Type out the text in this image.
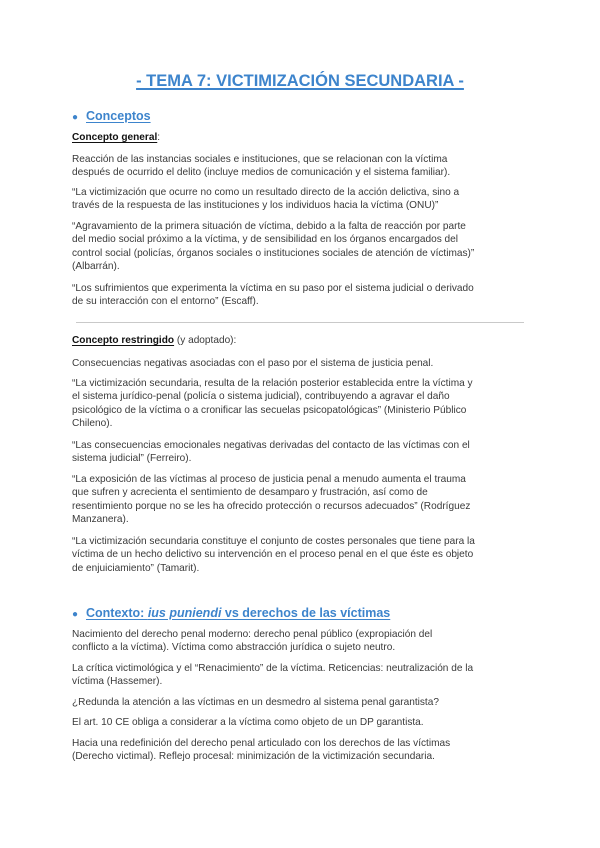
- TEMA 7: VICTIMIZACIÓN SECUNDARIA -
● Conceptos
Concepto general:
Reacción de las instancias sociales e instituciones, que se relacionan con la víctima
después de ocurrido el delito (incluye medios de comunicación y el sistema familiar).
“La victimización que ocurre no como un resultado directo de la acción delictiva, sino a
través de la respuesta de las instituciones y los individuos hacia la víctima (ONU)”
“Agravamiento de la primera situación de víctima, debido a la falta de reacción por parte
del medio social próximo a la víctima, y de sensibilidad en los órganos encargados del
control social (policías, órganos sociales o instituciones sociales de atención de víctimas)”
(Albarrán).
“Los sufrimientos que experimenta la víctima en su paso por el sistema judicial o derivado
de su interacción con el entorno” (Escaff).
Concepto restringido (y adoptado):
Consecuencias negativas asociadas con el paso por el sistema de justicia penal.
“La victimización secundaria, resulta de la relación posterior establecida entre la víctima y
el sistema jurídico-penal (policía o sistema judicial), contribuyendo a agravar el daño
psicológico de la víctima o a cronificar las secuelas psicopatológicas” (Ministerio Público
Chileno).
“Las consecuencias emocionales negativas derivadas del contacto de las víctimas con el
sistema judicial” (Ferreiro).
“La exposición de las víctimas al proceso de justicia penal a menudo aumenta el trauma
que sufren y acrecienta el sentimiento de desamparo y frustración, así como de
resentimiento porque no se les ha ofrecido protección o recursos adecuados” (Rodríguez
Manzanera).
“La victimización secundaria constituye el conjunto de costes personales que tiene para la
víctima de un hecho delictivo su intervención en el proceso penal en el que éste es objeto
de enjuiciamiento” (Tamarit).
● Contexto: ius puniendi vs derechos de las víctimas
Nacimiento del derecho penal moderno: derecho penal público (expropiación del
conflicto a la víctima). Víctima como abstracción jurídica o sujeto neutro.
La crítica victimológica y el “Renacimiento” de la víctima. Reticencias: neutralización de la
víctima (Hassemer).
¿Redunda la atención a las víctimas en un desmedro al sistema penal garantista?
El art. 10 CE obliga a considerar a la víctima como objeto de un DP garantista.
Hacia una redefinición del derecho penal articulado con los derechos de las víctimas
(Derecho victimal). Reflejo procesal: minimización de la victimización secundaria.
